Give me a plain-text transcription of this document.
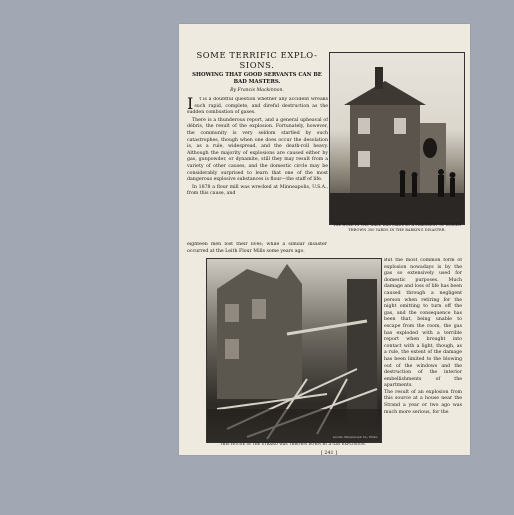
SOME TERRIFIC EXPLO-
SIONS.
SHOWING THAT GOOD SERVANTS CAN BE BAD MASTERS.
By Francis Mackinnon.

I t is a doubtful question whether any accident wreaks such rapid, complete, and direful destruction as the sudden combustion of gases.

There is a thunderous report, and a general upheaval of débris, the result of the explosion. Fortunately, however, the community is very seldom startled by such catastrophes, though when one does occur the desolation is, as a rule, widespread, and the death-roll heavy. Although the majority of explosions are caused either by gas, gunpowder, or dynamite, still they may result from a variety of other causes, and the domestic circle may be considerably surprised to learn that one of the most dangerous explosive substances is flour—the staff of life.

In 1878 a flour mill was wrecked at Minneapolis, U.S.A., from this cause, and

eighteen men lost their lives; while a similar disaster occurred at the Leith Flour Mills some years ago.
THE HOLE IN THE WALL WAS MADE BY A FRAGMENT OF BOILER THROWN 300 YARDS IN THE BARKING DISASTER.
London Stereoscopic Co., Photo.
THIS HOUSE IN THE STRAND WAS THROWN DOWN BY A GAS EXPLOSION.
But the most common form of explosion nowadays is by the gas so extensively used for domestic purposes. Much damage and loss of life has been caused through a negligent person when retiring for the night omitting to turn off the gas, and the consequence has been that, being unable to escape from the room, the gas has exploded with a terrible report when brought into contact with a light, though, as a rule, the extent of the damage has been limited to the blowing out of the windows and the destruction of the interior embellishments of the apartments.
The result of an explosion from this source at a house near the Strand a year or two ago was much more serious, for the
[ 241 ]
